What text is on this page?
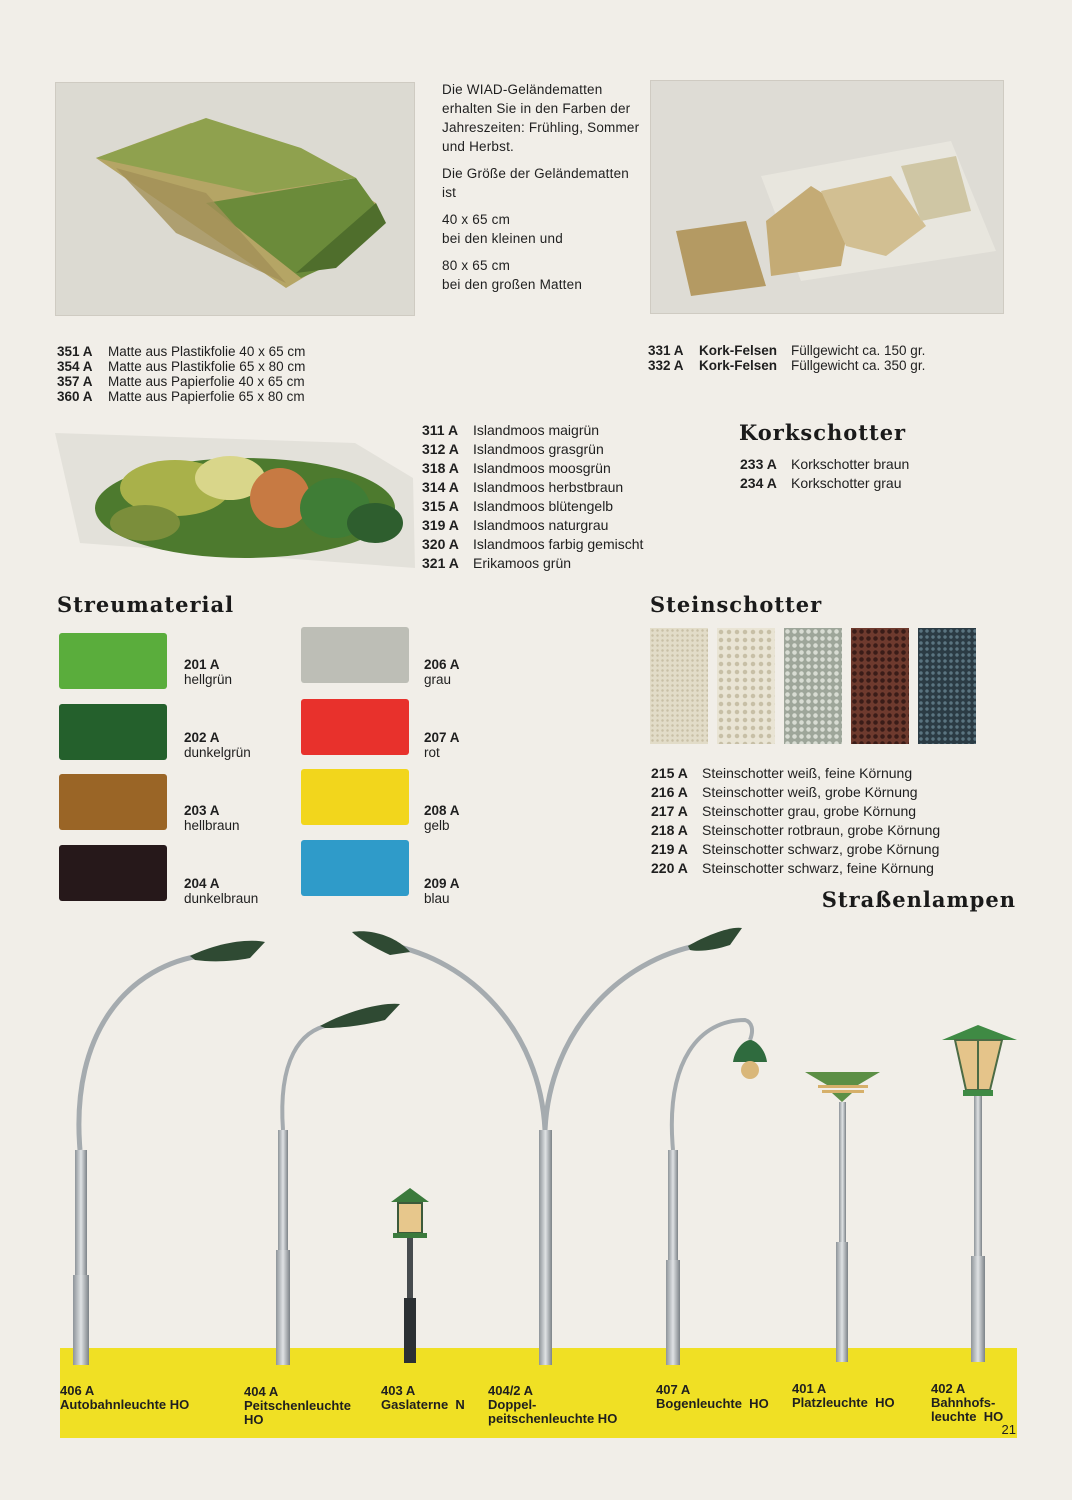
Die WIAD-Geländematten erhalten Sie in den Farben der Jahreszeiten: Frühling, Sommer und Herbst.

Die Größe der Geländematten ist

40 x 65 cm
bei den kleinen und

80 x 65 cm
bei den großen Matten

351 A	Matte aus Plastikfolie 40 x 65 cm
354 A	Matte aus Plastikfolie 65 x 80 cm
357 A	Matte aus Papierfolie 40 x 65 cm
360 A	Matte aus Papierfolie 65 x 80 cm
331 A	Kork-Felsen	Füllgewicht ca. 150 gr.
332 A	Kork-Felsen	Füllgewicht ca. 350 gr.
311 A	Islandmoos maigrün
312 A	Islandmoos grasgrün
318 A	Islandmoos moosgrün
314 A	Islandmoos herbstbraun
315 A	Islandmoos blütengelb
319 A	Islandmoos naturgrau
320 A	Islandmoos farbig gemischt
321 A	Erikamoos grün
Korkschotter
233 A	Korkschotter braun
234 A	Korkschotter grau
Streumaterial
201 A
hellgrün
202 A
dunkelgrün
203 A
hellbraun
204 A
dunkelbraun
206 A
grau
207 A
rot
208 A
gelb
209 A
blau
Steinschotter
215 A	Steinschotter weiß, feine Körnung
216 A	Steinschotter weiß, grobe Körnung
217 A	Steinschotter grau, grobe Körnung
218 A	Steinschotter rotbraun, grobe Körnung
219 A	Steinschotter schwarz, grobe Körnung
220 A	Steinschotter schwarz, feine Körnung
Straßenlampen
406 A
Autobahnleuchte HO
404 A
Peitschenleuchte
HO
403 A
Gaslaterne  N
404/2 A
Doppel-
peitschenleuchte HO
407 A
Bogenleuchte  HO
401 A
Platzleuchte  HO
402 A
Bahnhofs-
leuchte  HO
21
